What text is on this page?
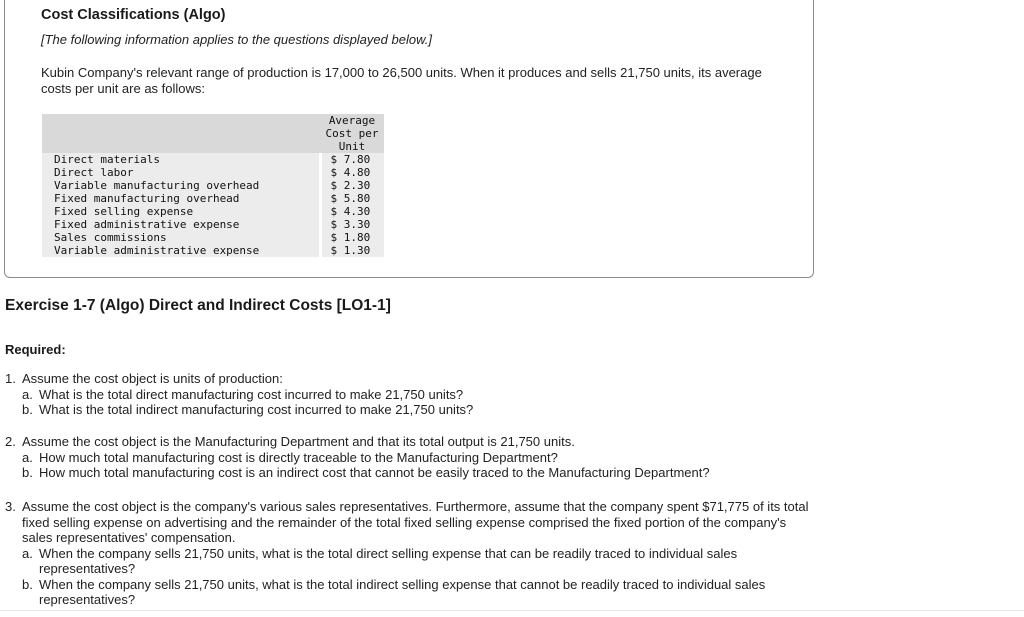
Cost Classifications (Algo)
[The following information applies to the questions displayed below.]
Kubin Company's relevant range of production is 17,000 to 26,500 units. When it produces and sells 21,750 units, its average costs per unit are as follows:

	Average
Cost per
Unit

Direct materials	$ 7.80
Direct labor	$ 4.80
Variable manufacturing overhead	$ 2.30
Fixed manufacturing overhead	$ 5.80
Fixed selling expense	$ 4.30
Fixed administrative expense	$ 3.30
Sales commissions	$ 1.80
Variable administrative expense	$ 1.30
Exercise 1-7 (Algo) Direct and Indirect Costs [LO1-1]
Required:
1. Assume the cost object is units of production:
a. What is the total direct manufacturing cost incurred to make 21,750 units?
b. What is the total indirect manufacturing cost incurred to make 21,750 units?
2. Assume the cost object is the Manufacturing Department and that its total output is 21,750 units.
a. How much total manufacturing cost is directly traceable to the Manufacturing Department?
b. How much total manufacturing cost is an indirect cost that cannot be easily traced to the Manufacturing Department?
3. Assume the cost object is the company's various sales representatives. Furthermore, assume that the company spent $71,775 of its total fixed selling expense on advertising and the remainder of the total fixed selling expense comprised the fixed portion of the company's sales representatives' compensation.
a. When the company sells 21,750 units, what is the total direct selling expense that can be readily traced to individual sales representatives?
b. When the company sells 21,750 units, what is the total indirect selling expense that cannot be readily traced to individual sales representatives?
